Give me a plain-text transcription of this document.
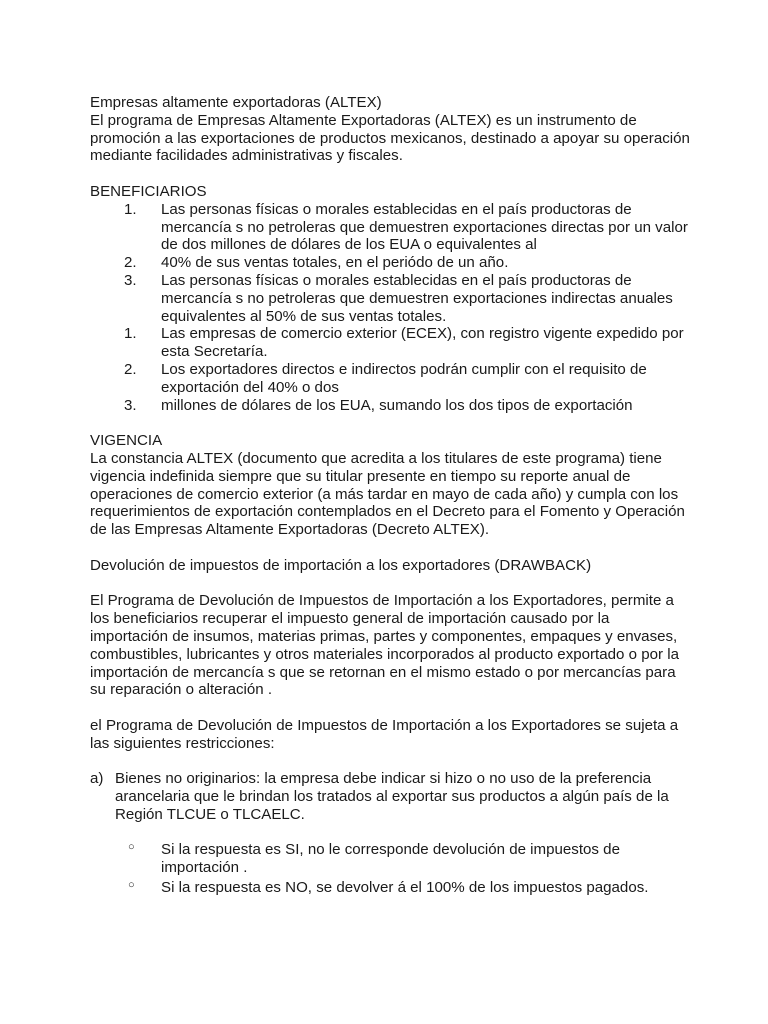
Empresas altamente exportadoras (ALTEX)

El programa de Empresas Altamente Exportadoras (ALTEX) es un instrumento de promoción a las exportaciones de productos mexicanos, destinado a apoyar su operación mediante facilidades administrativas y fiscales.

BENEFICIARIOS

1. Las personas físicas o morales establecidas en el país productoras de mercancía s no petroleras que demuestren exportaciones directas por un valor de dos millones de dólares de los EUA o equivalentes al
2. 40% de sus ventas totales, en el periódo de un año.
3. Las personas físicas o morales establecidas en el país productoras de mercancía s no petroleras que demuestren exportaciones indirectas anuales equivalentes al 50% de sus ventas totales.
1. Las empresas de comercio exterior (ECEX), con registro vigente expedido por esta Secretaría.
2. Los exportadores directos e indirectos podrán cumplir con el requisito de exportación del 40% o dos
3. millones de dólares de los EUA, sumando los dos tipos de exportación

VIGENCIA

La constancia ALTEX (documento que acredita a los titulares de este programa) tiene vigencia indefinida siempre que su titular presente en tiempo su reporte anual de operaciones de comercio exterior (a más tardar en mayo de cada año) y cumpla con los requerimientos de exportación contemplados en el Decreto para el Fomento y Operación de las Empresas Altamente Exportadoras (Decreto ALTEX).

Devolución de impuestos de importación a los exportadores (DRAWBACK)

El Programa de Devolución de Impuestos de Importación a los Exportadores, permite a los beneficiarios recuperar el impuesto general de importación causado por la importación de insumos, materias primas, partes y componentes, empaques y envases, combustibles, lubricantes y otros materiales incorporados al producto exportado o por la importación de mercancía s que se retornan en el mismo estado o por mercancías para su reparación o alteración .

el Programa de Devolución de Impuestos de Importación a los Exportadores se sujeta a las siguientes restricciones:

a) Bienes no originarios: la empresa debe indicar si hizo o no uso de la preferencia arancelaria que le brindan los tratados al exportar sus productos a algún país de la Región TLCUE o TLCAELC.
○ Si la respuesta es SI, no le corresponde devolución de impuestos de importación .
○ Si la respuesta es NO, se devolver á el 100% de los impuestos pagados.
